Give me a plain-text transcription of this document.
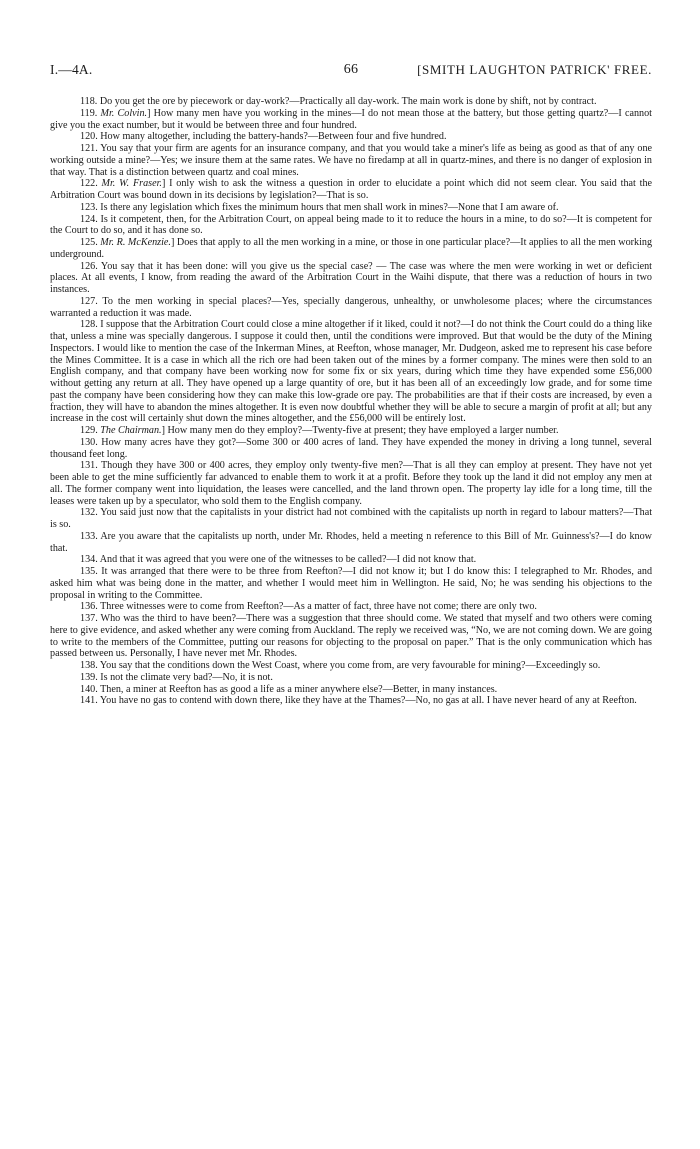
I.—4A.	66	[SMITH LAUGHTON PATRICK' FREE.

118. Do you get the ore by piecework or day-work?—Practically all day-work. The main work is done by shift, not by contract.

119. Mr. Colvin.] How many men have you working in the mines—I do not mean those at the battery, but those getting quartz?—I cannot give you the exact number, but it would be between three and four hundred.

120. How many altogether, including the battery-hands?—Between four and five hundred.

121. You say that your firm are agents for an insurance company, and that you would take a miner's life as being as good as that of any one working outside a mine?—Yes; we insure them at the same rates. We have no firedamp at all in quartz-mines, and there is no danger of explosion in that way. That is a distinction between quartz and coal mines.

122. Mr. W. Fraser.] I only wish to ask the witness a question in order to elucidate a point which did not seem clear. You said that the Arbitration Court was bound down in its decisions by legislation?—That is so.

123. Is there any legislation which fixes the minimum hours that men shall work in mines?—None that I am aware of.

124. Is it competent, then, for the Arbitration Court, on appeal being made to it to reduce the hours in a mine, to do so?—It is competent for the Court to do so, and it has done so.

125. Mr. R. McKenzie.] Does that apply to all the men working in a mine, or those in one particular place?—It applies to all the men working underground.

126. You say that it has been done: will you give us the special case? — The case was where the men were working in wet or deficient places. At all events, I know, from reading the award of the Arbitration Court in the Waihi dispute, that there was a reduction of hours in two instances.

127. To the men working in special places?—Yes, specially dangerous, unhealthy, or unwholesome places; where the circumstances warranted a reduction it was made.

128. I suppose that the Arbitration Court could close a mine altogether if it liked, could it not?—I do not think the Court could do a thing like that, unless a mine was specially dangerous. I suppose it could then, until the conditions were improved. But that would be the duty of the Mining Inspectors. I would like to mention the case of the Inkerman Mines, at Reefton, whose manager, Mr. Dudgeon, asked me to represent his case before the Mines Committee. It is a case in which all the rich ore had been taken out of the mines by a former company. The mines were then sold to an English company, and that company have been working now for some fix or six years, during which time they have expended some £56,000 without getting any return at all. They have opened up a large quantity of ore, but it has been all of an exceedingly low grade, and for some time past the company have been considering how they can make this low-grade ore pay. The probabilities are that if their costs are increased, by even a fraction, they will have to abandon the mines altogether. It is even now doubtful whether they will be able to secure a margin of profit at all; but any increase in the cost will certainly shut down the mines altogether, and the £56,000 will be entirely lost.

129. The Chairman.] How many men do they employ?—Twenty-five at present; they have employed a larger number.

130. How many acres have they got?—Some 300 or 400 acres of land. They have expended the money in driving a long tunnel, several thousand feet long.

131. Though they have 300 or 400 acres, they employ only twenty-five men?—That is all they can employ at present. They have not yet been able to get the mine sufficiently far advanced to enable them to work it at a profit. Before they took up the land it did not employ any men at all. The former company went into liquidation, the leases were cancelled, and the land thrown open. The property lay idle for a long time, till the leases were taken up by a speculator, who sold them to the English company.

132. You said just now that the capitalists in your district had not combined with the capitalists up north in regard to labour matters?—That is so.

133. Are you aware that the capitalists up north, under Mr. Rhodes, held a meeting n reference to this Bill of Mr. Guinness's?—I do know that.

134. And that it was agreed that you were one of the witnesses to be called?—I did not know that.

135. It was arranged that there were to be three from Reefton?—I did not know it; but I do know this: I telegraphed to Mr. Rhodes, and asked him what was being done in the matter, and whether I would meet him in Wellington. He said, No; he was sending his objections to the proposal in writing to the Committee.

136. Three witnesses were to come from Reefton?—As a matter of fact, three have not come; there are only two.

137. Who was the third to have been?—There was a suggestion that three should come. We stated that myself and two others were coming here to give evidence, and asked whether any were coming from Auckland. The reply we received was, “No, we are not coming down. We are going to write to the members of the Committee, putting our reasons for objecting to the proposal on paper.” That is the only communication which has passed between us. Personally, I have never met Mr. Rhodes.

138. You say that the conditions down the West Coast, where you come from, are very favourable for mining?—Exceedingly so.

139. Is not the climate very bad?—No, it is not.

140. Then, a miner at Reefton has as good a life as a miner anywhere else?—Better, in many instances.

141. You have no gas to contend with down there, like they have at the Thames?—No, no gas at all. I have never heard of any at Reefton.
